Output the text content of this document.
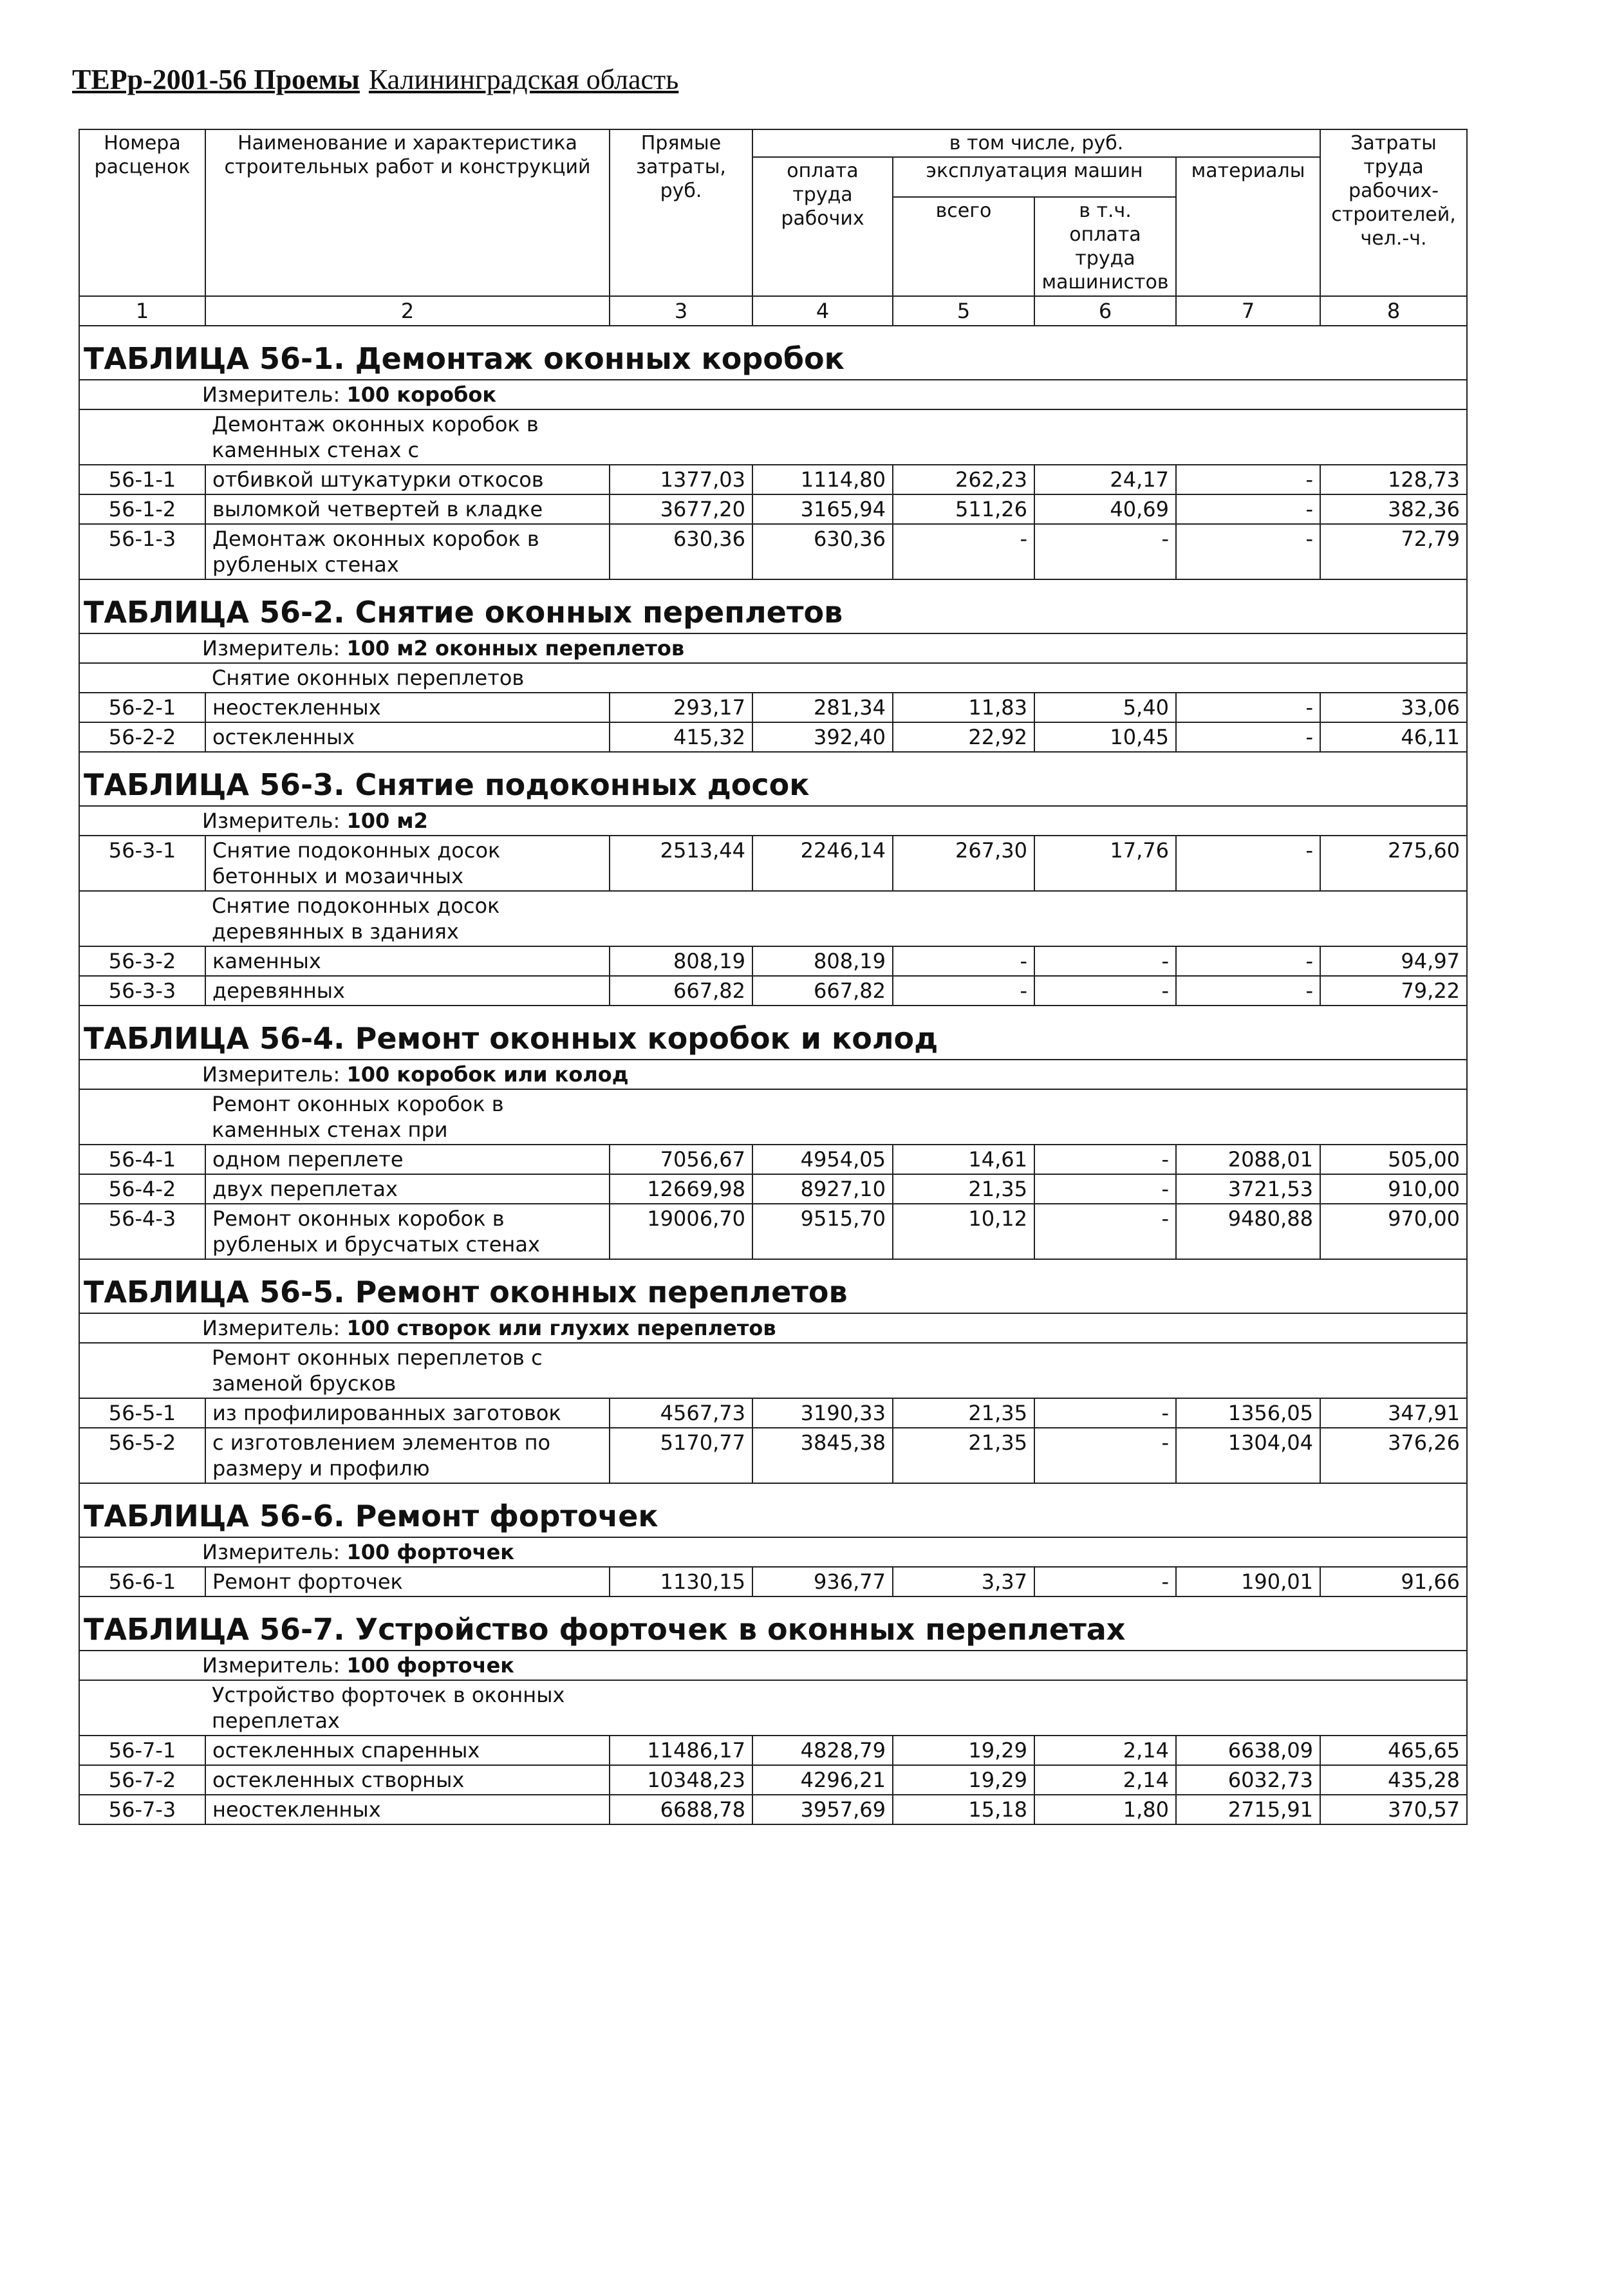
ТЕРр-2001-56 Проемы Калининградская область
Номера расценок	Наименование и характеристика строительных работ и конструкций	Прямые затраты, руб.	в том числе, руб.				Затраты труда рабочих-строителей, чел.-ч.
			оплата труда рабочих	эксплуатация машин		материалы	
				всего	в т.ч. оплата труда машинистов		
1	2	3	4	5	6	7	8
ТАБЛИЦА 56-1. Демонтаж оконных коробок							
Измеритель: 100 коробок							

	Демонтаж оконных коробок в каменных стенах с						

56-1-1	отбивкой штукатурки откосов	1377,03	1114,80	262,23	24,17	-	128,73
56-1-2	выломкой четвертей в кладке	3677,20	3165,94	511,26	40,69	-	382,36
56-1-3	Демонтаж оконных коробок в рубленых стенах	630,36	630,36	-	-	-	72,79
ТАБЛИЦА 56-2. Снятие оконных переплетов							
Измеритель: 100 м2 оконных переплетов							

	Снятие оконных переплетов						

56-2-1	неостекленных	293,17	281,34	11,83	5,40	-	33,06
56-2-2	остекленных	415,32	392,40	22,92	10,45	-	46,11
ТАБЛИЦА 56-3. Снятие подоконных досок							
Измеритель: 100 м2							
56-3-1	Снятие подоконных досок бетонных и мозаичных	2513,44	2246,14	267,30	17,76	-	275,60

	Снятие подоконных досок деревянных в зданиях						

56-3-2	каменных	808,19	808,19	-	-	-	94,97
56-3-3	деревянных	667,82	667,82	-	-	-	79,22
ТАБЛИЦА 56-4. Ремонт оконных коробок и колод							
Измеритель: 100 коробок или колод							

	Ремонт оконных коробок в каменных стенах при						

56-4-1	одном переплете	7056,67	4954,05	14,61	-	2088,01	505,00
56-4-2	двух переплетах	12669,98	8927,10	21,35	-	3721,53	910,00
56-4-3	Ремонт оконных коробок в рубленых и брусчатых стенах	19006,70	9515,70	10,12	-	9480,88	970,00
ТАБЛИЦА 56-5. Ремонт оконных переплетов							
Измеритель: 100 створок или глухих переплетов							

	Ремонт оконных переплетов с заменой брусков						

56-5-1	из профилированных заготовок	4567,73	3190,33	21,35	-	1356,05	347,91
56-5-2	с изготовлением элементов по размеру и профилю	5170,77	3845,38	21,35	-	1304,04	376,26
ТАБЛИЦА 56-6. Ремонт форточек							
Измеритель: 100 форточек							
56-6-1	Ремонт форточек	1130,15	936,77	3,37	-	190,01	91,66
ТАБЛИЦА 56-7. Устройство форточек в оконных переплетах							
Измеритель: 100 форточек							

	Устройство форточек в оконных переплетах						

56-7-1	остекленных спаренных	11486,17	4828,79	19,29	2,14	6638,09	465,65
56-7-2	остекленных створных	10348,23	4296,21	19,29	2,14	6032,73	435,28
56-7-3	неостекленных	6688,78	3957,69	15,18	1,80	2715,91	370,57
